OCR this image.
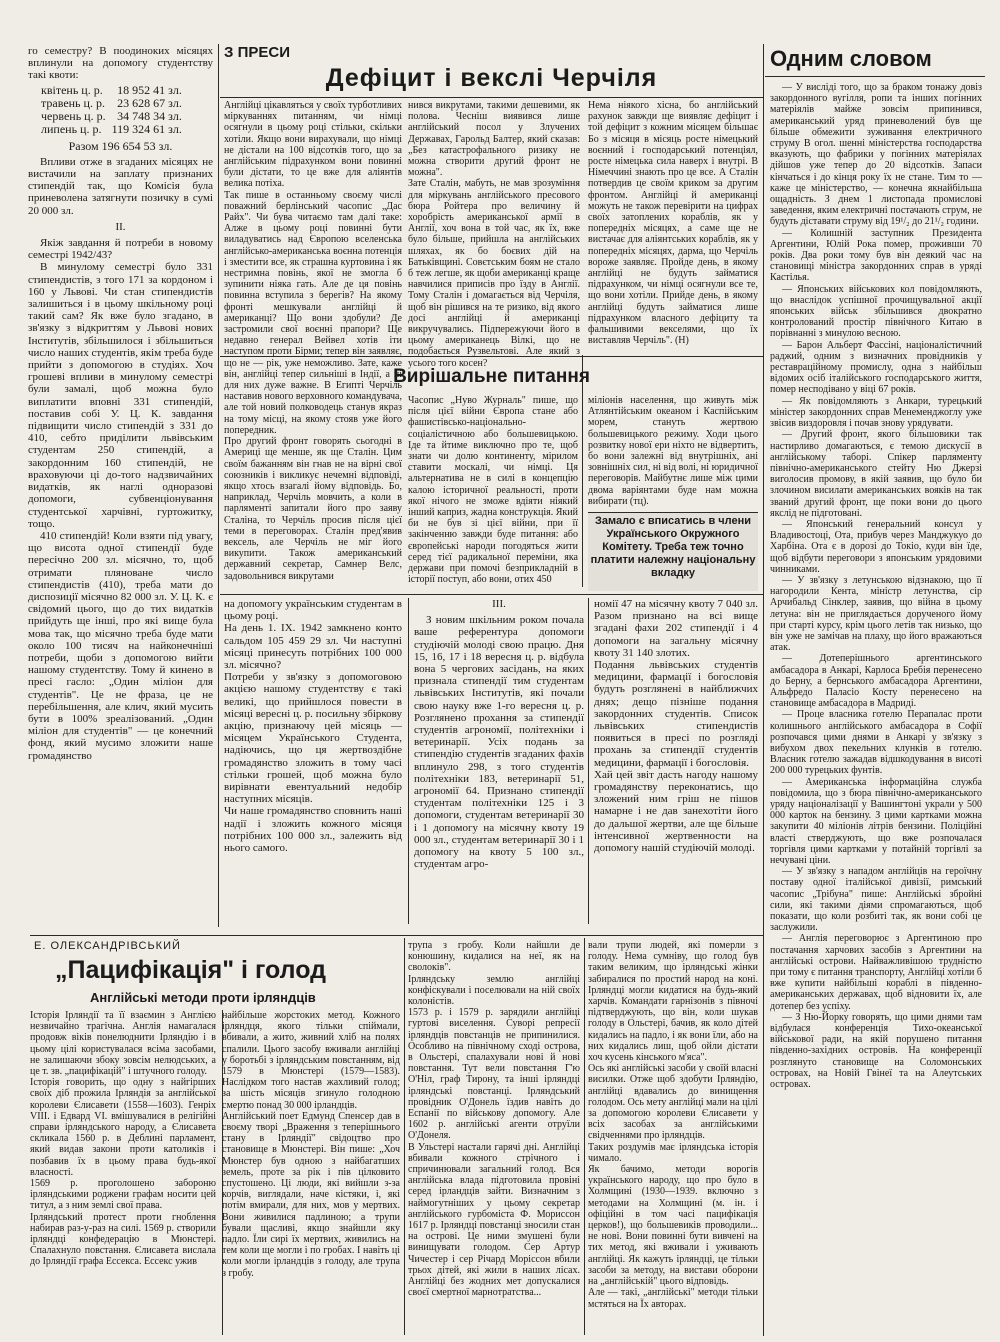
го семестру? В поодиноких місяцях вплинули на допомогу студентству такі квоти:

квітень ц. р.	18 952 41 зл.
травень ц. р.	23 628 67 зл.
червень ц. р.	34 748 34 зл.
липень ц. р.	119 324 61 зл.
Разом 196 654 53 зл.

Впливи отже в згаданих місяцях не вистачили на заплату признаних стипендій так, що Комісія була приневолена затягнути позичку в сумі 20 000 зл.

II.

Якіж завдання й потреби в новому семестрі 1942/43?

В минулому семестрі було 331 стипендистів, з того 171 за кордоном і 160 у Львові. Чи стан стипендистів залишиться і в цьому шкільному році такий сам? Як вже було згадано, в зв'язку з відкриттям у Львові нових Інститутів, збільшилося і збільшиться число наших студентів, якім треба буде прийти з допомогою в студіях. Хоч грошеві впливи в минулому семестрі були замалі, щоб можна було виплатити вповні 331 стипендій, поставив собі У. Ц. К. завдання підвищити число стипендій з 331 до 410, себто приділити львівським студентам 250 стипендій, а закордонним 160 стипендій, не враховуючи ці до-того надзвичайних видатків, як наглі одноразові допомоги, субвенціонування студентської харчівні, гуртожитку, тощо.

410 стипендій! Коли взяти під увагу, що висота одної стипендії буде пересічно 200 зл. місячно, то, щоб отримати пляноване число стипендистів (410), треба мати до диспозиції місячно 82 000 зл. У. Ц. К. є свідомий цього, що до тих видатків прийдуть ще інші, про які вище була мова так, що місячно треба буде мати около 100 тисяч на найконечніші потреби, щоби з допомогою вийти нашому студентству. Тому й кинено в пресі гасло: „Один міліон для студентів". Це не фраза, це не перебільшення, але клич, який мусить бути в 100% зреалізований. „Один міліон для студентів" — це конечний фонд, який мусимо зложити наше громадянство

З ПРЕСИ
Дефіцит і векслі Черчіля
Англійці цікавляться у своїх турботливих міркуваннях питанням, чи німці осягнули в цьому році стільки, скільки хотіли. Якщо вони вирахували, що німці не дістали на 100 відсотків того, що за англійським підрахунком вони повинні були дістати, то це вже для аліянтів велика потіха.
Так пише в останньому своєму числі поважний берлінський часопис „Дас Райх". Чи бува читаємо там далі таке: Алже в цьому році повинні бути виладуватись над Європою вселенська англійсько-американська воєнна потенція і зместити все, як страшна куртовина і як нестримна повінь, якої не змогла б зупинити ніяка гать. Але де ця повінь повинна вступила з берегів? На якому фронті мешкували англійці й американці? Що вони здобули? Де застромили свої воєнні прапори? Ще недавно генерал Вейвел хотів іти наступом проти Бірми; тепер він заявляє, що не — рік, уже неможливо. Зате, каже він, англійці тепер сильніші в Індії, а ні для них дуже важне. В Египті Черчіль наставив нового верховного командувача, але той новий полководець станув якраз на тому місці, на якому стояв уже його попередник.
Про другий фронт говорять сьогодні в Америці ще менше, як ще Сталін. Цим своїм бажанням він гнав не на вірні свої союзників і викликує нечемні відповіді, якщо хтось взагалі йому відповідь. Бо, наприклад, Черчіль мовчить, а коли в парляменті запитали його про заяву Сталіна, то Черчіль просив після цієї теми в переговорах. Сталін пред'явив вексель, але Черчіль не міг його викупити. Також американський державний секретар, Самнер Велс, задовольнився викрутами
нився викрутами, такими дешевими, як полова. Чесніш виявився лише англійський посол у Злучених Державах, Гарольд Балтер, який сказав: „Без катастрофального ризику не можна створити другий фронт не можна".
Зате Сталін, мабуть, не мав зрозуміння для міркувань англійського пресового бюра Ройтера про величину й хоробрість американської армії в Англії, хоч вона в той час, як їх, вже було більше, прийшла на англійських шляхах, як бо боєвих дій на Батьківщині. Совєтським боям не стало б теж легше, як щоби американці краще навчилися приписів про їзду в Англії. Тому Сталін і домагається від Черчіля, щоб він рішився на те ризико, від якого досі англійці й американці викручувались. Підпережуючи його в цьому американець Вілкі, що не подобається Рузвельтові. Але який з усього того косен?
Нема ніякого хісна, бо англійський рахунок завжди ще виявляє дефіцит і той дефіцит з кожним місяцем більшає Бо з місяця в місяць росте німецький воєнний і господарський потенціял, росте німецька сила наверх і внутрі. В Німеччині знають про це все. А Сталін потвердив це своїм криком за другим фронтом. Англійці й американці можуть не також перевірити на цифрах своїх затоплених кораблів, як у попередніх місяцях, а саме ще не вистачає для аліянтських кораблів, як у попередніх місяцях, дарма, що Черчіль вороже заявляє. Пройде день, в якому англійці не будуть займатися підрахунком, чи німці осягнули все те, що вони хотіли. Прийде день, в якому англійці будуть займатися лише підрахунком власного дефіциту та фальшивими векселями, що їх виставляв Черчіль". (Н)
Вирішальне питання
Часопис „Нуво Журналь" пише, що після цієї війни Європа стане або фашистівсько-національно-соціалістичною або большевицькою. Іде та йтиме виключно про те, щоб знати чи долю континенту, мірилом ставити москалі, чи німці. Ця альтернатива не в силі в концепцію калою історичної реальності, проти якої нічого не зможе вдіяти ніякий інший каприз, жадна конструкція. Який би не був зі цієї війни, при її закінченню завжди буде питання: або європейські народи погодяться жити серед тієї радикальної переміни, яка держави при помочі безприкладній в історії поступ, або вони, отих 450
міліонів населення, що живуть між Атлянтійським океаном і Каспійським морем, стануть жертвою большевицького режиму. Ходи цього розвитку нової ери ніхто не відвертить, бо вони залежні від внутрішніх, ані зовнішніх сил, ні від волі, ні юридичної переговорів. Майбутнє лише між цими двома варіянтами буде нам можна вибирати (тц).
Замало є вписатись в члени Українського Окружного Комітету. Треба теж точно платити належну національну вкладку
на допомогу українським студентам в цьому році.
На день 1. IX. 1942 замкнено конто сальдом 105 459 29 зл. Чи наступні місяці принесуть потрібних 100 000 зл. місячно?
Потреби у зв'язку з допомоговою акцією нашому студентству є такі великі, що прийшлося повести в місяці вересні ц. р. посильну збіркову акцію, признаючу цей місяць — місяцем Українського Студента, надіючись, що ця жертвоздібне громадянство зложить в тому часі стільки грошей, щоб можна було вирівнати евентуальний недобір наступних місяців.
Чи наше громадянство сповнить наші надії і зложить кожного місяця потрібних 100 000 зл., залежить від нього самого.
III.

З новим шкільним роком почала ваше референтура допомоги студіючій молоді свою працю. Дня 15, 16, 17 і 18 вересня ц. р. відбула вона 5 чергових засідань, на яких признала стипендії тим студентам львівських Інститутів, які почали свою науку вже 1-го вересня ц. р. Розглянено прохання за стипендії студентів агрономії, політехніки і ветеринарії. Усіх подань за стипендію студентів згаданих фахів вплинуло 298, з того студентів політехніки 183, ветеринарії 51, агрономії 64. Признано стипендії студентам політехніки 125 і 3 допомоги, студентам ветеринарії 30 і 1 допомогу на місячну квоту 19 000 зл., студентам ветеринарії 30 і 1 допомогу на квоту 5 100 зл., студентам агро-

номії 47 на місячну квоту 7 040 зл. Разом признано на всі вище згадані фахи 202 стипендії і 4 допомоги на загальну місячну квоту 31 140 злотих.
Подання львівських студентів медицини, фармації і богословія будуть розглянені в найближчих днях; дещо пізніше подання закордонних студентів. Список львівських стипендистів появиться в пресі по розгляді прохань за стипендії студентів медицини, фармації і богословія.
Хай цей звіт дасть нагоду нашому громадянству переконатись, що зложений ним гріш не пішов намарне і не дав занехотіти його до дальшої жертви, але ще більше інтенсивної жертвенности на допомогу нашій студіючій молоді.
Е. ОЛЕКСАНДРІВСЬКИЙ
„Пацифікація" і голод
Англійські методи проти ірляндців
Історія Ірляндії та її взаємин з Англією незвичайно трагічна. Англія намагалася продовж віків понелюднити Ірляндію і в цьому цілі користувалася всіма засобами, не залишаючи збоку зовсім нелюдських, а це т. зв. „пацифікацій" і штучного голоду.
Історія говорить, що одну з найгірших своїх діб прожила Ірляндія за англійської королеви Єлисавети (1558—1603). Генріх VIII. і Едвард VI. вмішувалися в релігійні справи ірляндського народу, а Єлисавета скликала 1560 р. в Деблині парламент, який видав закони проти католиків і позбавив їх в цьому права будь-якої власності.
1569 р. проголошено забороню ірляндськими роджени графам носити цей титул, а з ним землі свої права.
Ірляндський протест проти гноблення набирав раз-у-раз на силі. 1569 р. створили ірляндці конфедерацію в Мюнстері. Спалахнуло повстання. Єлисавета вислала до Ірляндії графа Ессекса. Ессекс ужив
найбільше жорстоких метод. Кожного ірляндця, якого тільки спіймали, вбивали, а жито, живний хліб на полях спалили. Цього засобу вживали англійці у боротьбі з ірляндським повстанням, від 1579 в Мюнстері (1579—1583). Наслідком того настав жахливий голод; за шість місяців згинуло голодною смертю понад 30 000 ірландців.
Англійський поет Едмунд Спенсер дав в своєму творі „Враження з теперішнього стану в Ірляндії" свідоцтво про становище в Мюнстері. Він пише: „Хоч Мюнстер був одною з найбагатших земель, проте за рік і пів цілковито спустошено. Ці люди, які вийшли з-за корчів, виглядали, наче кістяки, і, які потім вмирали, для них, мов у мертвих. Вони живилися падлиною; а трупи бували щасливі, якщо знайшли яку падло. Їли сирі їх мертвих, живились на тем коли ще могли і по гробах. І навіть ці коли могли ірландців з голоду, але трупа з гробу.
трупа з гробу. Коли найшли де конюшину, кидалися на неї, як на сволоків".
Ірляндську землю англійці конфіскували і поселювали на ній своїх колоністів.
1573 р. і 1579 р. зарядили англійці гуртові виселення. Суворі репресії ірляндців повстанців не припинилися. Особливо на північному сході острова, в Ольстері, спалахували нові й нові повстання. Тут вели повстання Г'ю О'Ніл, граф Тирону, та інші ірляндці ірляндські повстанці. Ірляндський провідник О'Донель їздив навіть до Еспанії по військову допомогу. Але 1602 р. англійські агенти отруїли О'Донеля.
В Ульстері настали гарячі дні. Англійці вбивали кожного стрічного і спричинювали загальний голод. Вся англійська влада підготовила провіні серед ірландців зайти. Визначним з наймогутніших у цьому секретар англійського гурбоміста Ф. Мориссон 1617 р. Ірляндці повстанці зносили стан на острові. Це ними змушені були винищувати голодом. Сер Артур Чичестер і сер Річард Моріссон вбили трьох дітей, які жили в наших лісах. Англійці без жодних мет допускалися своєї смертної марнотратства...
вали трупи людей, які померли з голоду. Нема сумніву, що голод був таким великим, що ірляндські жінки забиралися по простий народ на коні. Ірляндці могли кидатися на будь-який харчів. Командати гарнізонів з півночі підтверджують, що він, коли шукав голоду в Ольстері, бачив, як коло дітей кидались на падло, і як вони їли, або на них кидались лиш, щоб ойли дістати хоч кусень кінського м'яса".
Ось які англійські засоби у своїй власні висилки. Отже щоб здобути Ірляндію, англійці вдавались до винищення голодом. Ось мету англійці мали на цілі за допомогою королеви Єлисавети у всіх засобах за англійськими свідченнями про ірляндців.
Таких роздумів має ірляндська історія чимало.
Як бачимо, методи ворогів українського народу, що про було в Холмщині (1930—1939. включно з методами на Холмщині (м. ін. і офіційні в том часі пацифікація церков!), що большевиків проводили... не нові. Вони повинні бути вивчені на тих метод, які вживали і уживають англійці. Як кажуть ірляндці, це тільки засоби за методу, на вистави оборони на „англійській" цього відповідь.
Але — такі, „англійські" методи тільки мстяться на Їх авторах.
Одним словом

— У висліді того, що за браком тонажу довіз закордонного вугілля, ропи та інших погінних матеріялів майже зовсім припинився, американський уряд приневолений був ще більше обмежити зуживання електричного струму В огол. шенні міністерства господарства вказують, що фабрики у погінних матеріялах дійшов уже тепер до 20 відсотків. Запаси кінчаться і до кінця року їх не стане. Тим то — каже це міністерство, — конечна якнайбільша ощадність. З днем 1 листопада промислові заведення, яким електричні постачають струм, не будуть діставати струму від 19¹/₂ до 21¹/₂ години.

— Колишній заступник Президента Аргентини, Юлій Рока помер, проживши 70 років. Два роки тому був він деякий час на становищі міністра закордонних справ в уряді Кастілья.

— Японських військових кол повідомляють, що внаслідок успішної прочищувальної акції японських військ збільшився двократно контролований простір північного Китаю в порівнанні з минулою весною.

— Барон Альберт Фассіні, націоналістичний раджий, одним з визначних провідників у реставраційному промислу, одна з найбільш відомих осіб італійського господарського життя, помер несподівано у віці 67 років.

— Як повідомляють з Анкари, турецький міністер закордонних справ Менеменджоглу уже звісив виздоровля і почав знову урядувати.

— Другий фронт, якого більшовики так настирливо домагаються, є темою дискусії в англійському таборі. Спікер парляменту північно-американського стейту Ню Джерзі виголосив промову, в якій заявив, що було би злочином висилати американських вояків на так званий другий фронт, ще поки вони до цього якслід не підготовані.

— Японський генеральний консул у Владивостоці, Ота, прибув через Манджукуо до Харбіна. Ота є в дорозі до Токіо, куди він їде, щоб відбути переговори з японським урядовими чинниками.

— У зв'язку з летунською відзнакою, що її нагородили Кента, міністр летунства, сір Арчибальд Сінклер, заявив, що війна в цьому летуна: він не приглядається дорученого йому при старті курсу, крім цього летів так низько, що він уже не замічав на плаху, що його вражаються атак.

— Дотеперішнього аргентинського амбасадора в Анкарі, Карлоса Бребія перенесено до Берну, а бернського амбасадора Аргентини, Альфредо Паласіо Косту перенесено на становище амбасадора в Мадриді.

— Проце власника готелю Перапалас проти колишнього англійського амбасадора в Софії розпочався цими днями в Анкарі у зв'язку з вибухом двох пекельних клунків в готелю. Власник готелю зажадав відшкодування в висоті 200 000 турецьких фунтів.

— Американська інформаційна служба повідомила, що з бюра північно-американського уряду націоналізації у Вашингтоні украли у 500 000 карток на бензину. З цими картками можна закупити 40 міліонів літрів бензини. Поліційні власті стверджують, що вже розпочалася торгівля цими картками у потайній торгівлі за нечувані ціни.

— У зв'язку з нападом англійців на героїчну поставу одної італійської дивізії, римський часопис „Трібуна" пише: Англійські збройні сили, які такими діями спромагаються, щоб показати, що коли розбиті так, як вони собі це заслужили.

— Англія переговорює з Аргентиною про постачання харчових засобів з Аргентини на англійські острови. Найважливішою трудністю при тому є питання транспорту, Англійці хотіли б вже купити найбільші кораблі в південно-американських державах, щоб відновити їх, але дотепер без успіху.

— З Ню-Йорку говорять, що цими днями там відбулася конференція Тихо-океанської військової ради, на якій порушено питання південно-західних островів. На конференції розглянуто становище на Соломонських островах, на Новій Гвінеї та на Алеутських островах.
